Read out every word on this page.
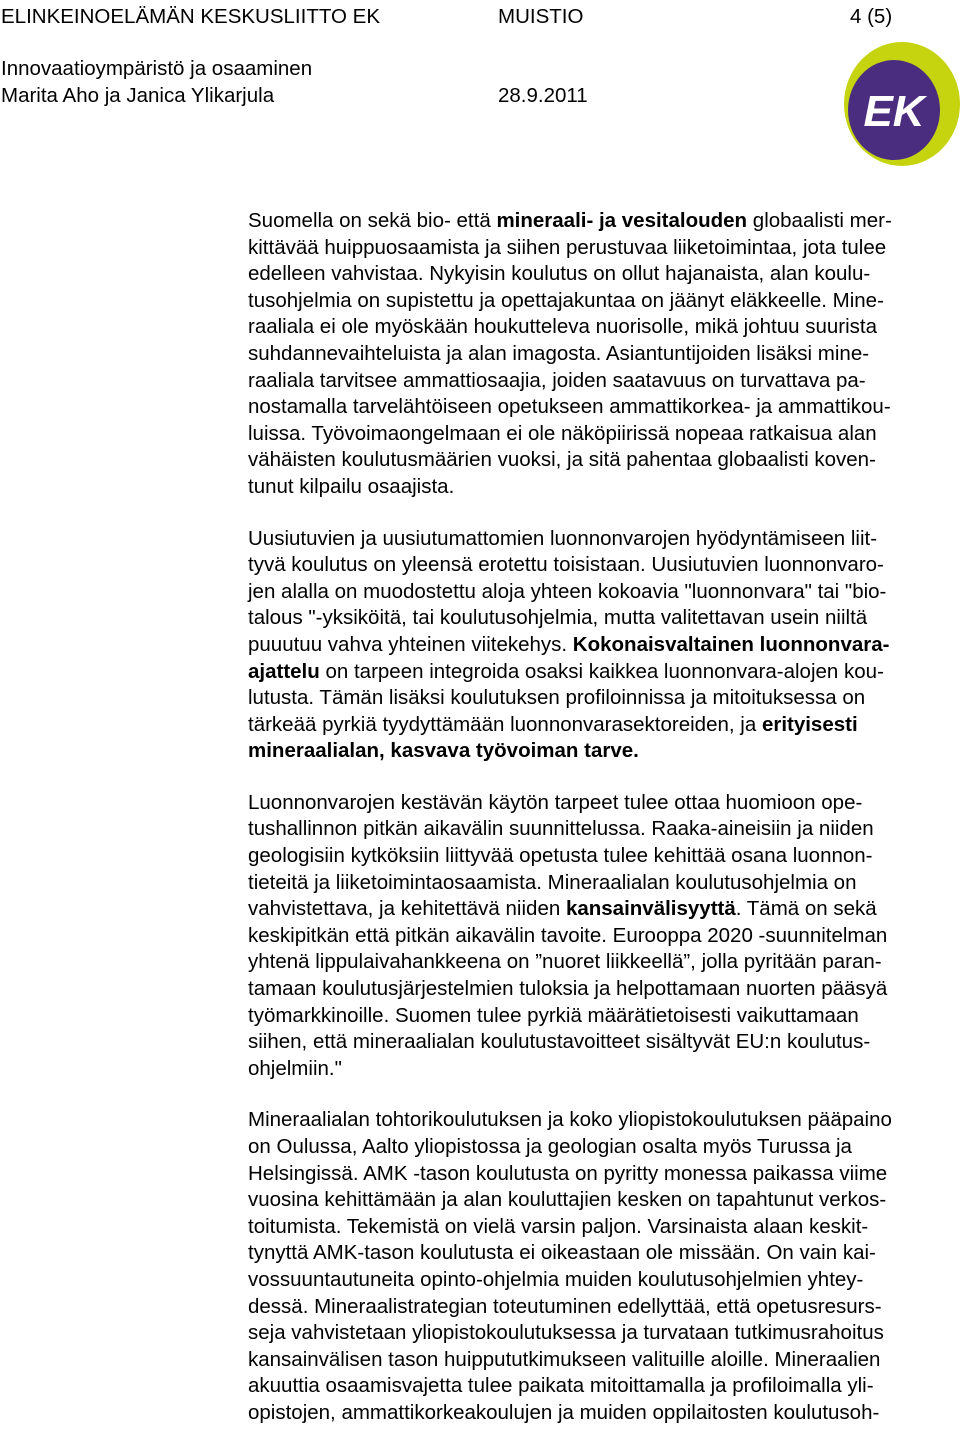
ELINKEINOELÄMÄN KESKUSLIITTO EK	MUISTIO	4 (5)
Innovaatioympäristö ja osaaminen
Marita Aho ja Janica Ylikarjula	28.9.2011	EK

Suomella on sekä bio- että mineraali- ja vesitalouden globaalisti mer-
kittävää huippuosaamista ja siihen perustuvaa liiketoimintaa, jota tulee
edelleen vahvistaa. Nykyisin koulutus on ollut hajanaista, alan koulu-
tusohjelmia on supistettu ja opettajakuntaa on jäänyt eläkkeelle. Mine-
raaliala ei ole myöskään houkutteleva nuorisolle, mikä johtuu suurista
suhdannevaihteluista ja alan imagosta. Asiantuntijoiden lisäksi mine-
raaliala tarvitsee ammattiosaajia, joiden saatavuus on turvattava pa-
nostamalla tarvelähtöiseen opetukseen ammattikorkea- ja ammattikou-
luissa. Työvoimaongelmaan ei ole näköpiirissä nopeaa ratkaisua alan
vähäisten koulutusmäärien vuoksi, ja sitä pahentaa globaalisti koven-
tunut kilpailu osaajista.

Uusiutuvien ja uusiutumattomien luonnonvarojen hyödyntämiseen liit-
tyvä koulutus on yleensä erotettu toisistaan. Uusiutuvien luonnonvaro-
jen alalla on muodostettu aloja yhteen kokoavia "luonnonvara" tai "bio-
talous "-yksiköitä, tai koulutusohjelmia, mutta valitettavan usein niiltä
puuutuu vahva yhteinen viitekehys. Kokonaisvaltainen luonnonvara-
ajattelu on tarpeen integroida osaksi kaikkea luonnonvara-alojen kou-
lutusta. Tämän lisäksi koulutuksen profiloinnissa ja mitoituksessa on
tärkeää pyrkiä tyydyttämään luonnonvarasektoreiden, ja erityisesti
mineraalialan, kasvava työvoiman tarve.

Luonnonvarojen kestävän käytön tarpeet tulee ottaa huomioon ope-
tushallinnon pitkän aikavälin suunnittelussa. Raaka-aineisiin ja niiden
geologisiin kytköksiin liittyvää opetusta tulee kehittää osana luonnon-
tieteitä ja liiketoimintaosaamista. Mineraalialan koulutusohjelmia on
vahvistettava, ja kehitettävä niiden kansainvälisyyttä. Tämä on sekä
keskipitkän että pitkän aikavälin tavoite. Eurooppa 2020 -suunnitelman
yhtenä lippulaivahankkeena on ”nuoret liikkeellä”, jolla pyritään paran-
tamaan koulutusjärjestelmien tuloksia ja helpottamaan nuorten pääsyä
työmarkkinoille. Suomen tulee pyrkiä määrätietoisesti vaikuttamaan
siihen, että mineraalialan koulutustavoitteet sisältyvät EU:n koulutus-
ohjelmiin."

Mineraalialan tohtorikoulutuksen ja koko yliopistokoulutuksen pääpaino
on Oulussa, Aalto yliopistossa ja geologian osalta myös Turussa ja
Helsingissä. AMK -tason koulutusta on pyritty monessa paikassa viime
vuosina kehittämään ja alan kouluttajien kesken on tapahtunut verkos-
toitumista. Tekemistä on vielä varsin paljon. Varsinaista alaan keskit-
tynyttä AMK-tason koulutusta ei oikeastaan ole missään. On vain kai-
vossuuntautuneita opinto-ohjelmia muiden koulutusohjelmien yhtey-
dessä. Mineraalistrategian toteutuminen edellyttää, että opetusresurs-
seja vahvistetaan yliopistokoulutuksessa ja turvataan tutkimusrahoitus
kansainvälisen tason huippututkimukseen valituille aloille. Mineraalien
akuuttia osaamisvajetta tulee paikata mitoittamalla ja profiloimalla yli-
opistojen, ammattikorkeakoulujen ja muiden oppilaitosten koulutusoh-
